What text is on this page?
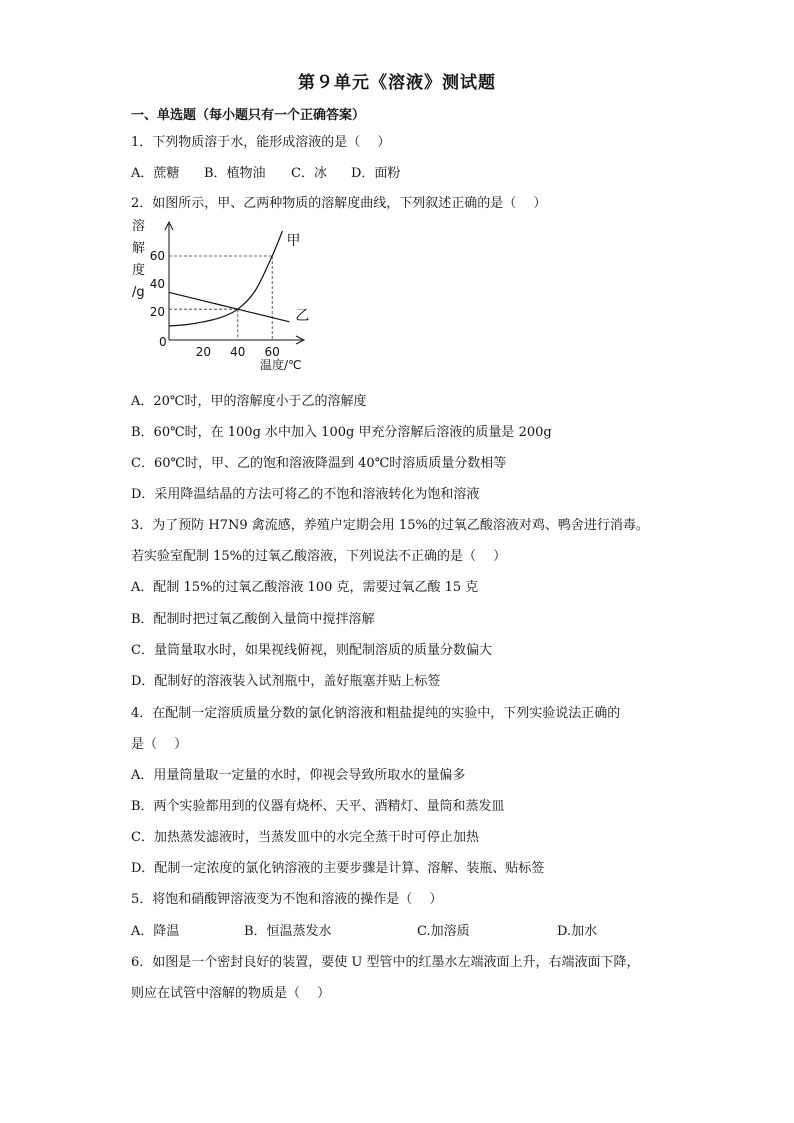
第９单元《溶液》测试题
一、单选题（每小题只有一个正确答案）
1．下列物质溶于水，能形成溶液的是（　 ）
A．蔗糖 B．植物油 C．冰 D．面粉
2．如图所示，甲、乙两种物质的溶解度曲线，下列叙述正确的是（　 ）
溶
解
度
/g
0
20 40 60
20
40
60
温度/℃
甲
乙
A．20℃时，甲的溶解度小于乙的溶解度
B．60℃时，在 100g 水中加入 100g 甲充分溶解后溶液的质量是 200g
C．60℃时，甲、乙的饱和溶液降温到 40℃时溶质质量分数相等
D．采用降温结晶的方法可将乙的不饱和溶液转化为饱和溶液
3．为了预防 H7N9 禽流感，养殖户定期会用 15%的过氧乙酸溶液对鸡、鸭舍进行消毒。
若实验室配制 15%的过氧乙酸溶液，下列说法不正确的是（　 ）
A．配制 15%的过氧乙酸溶液 100 克，需要过氧乙酸 15 克
B．配制时把过氧乙酸倒入量筒中搅拌溶解
C．量筒量取水时，如果视线俯视，则配制溶质的质量分数偏大
D．配制好的溶液装入试剂瓶中，盖好瓶塞并贴上标签
4．在配制一定溶质质量分数的氯化钠溶液和粗盐提纯的实验中，下列实验说法正确的
是（　 ）
A．用量筒量取一定量的水时，仰视会导致所取水的量偏多
B．两个实验都用到的仪器有烧杯、天平、酒精灯、量筒和蒸发皿
C．加热蒸发滤液时，当蒸发皿中的水完全蒸干时可停止加热
D．配制一定浓度的氯化钠溶液的主要步骤是计算、溶解、装瓶、贴标签
5．将饱和硝酸钾溶液变为不饱和溶液的操作是（　 ）
A．降温	B．恒温蒸发水	C.加溶质	D.加水
6．如图是一个密封良好的装置，要使 U 型管中的红墨水左端液面上升，右端液面下降，
则应在试管中溶解的物质是（　 ）
